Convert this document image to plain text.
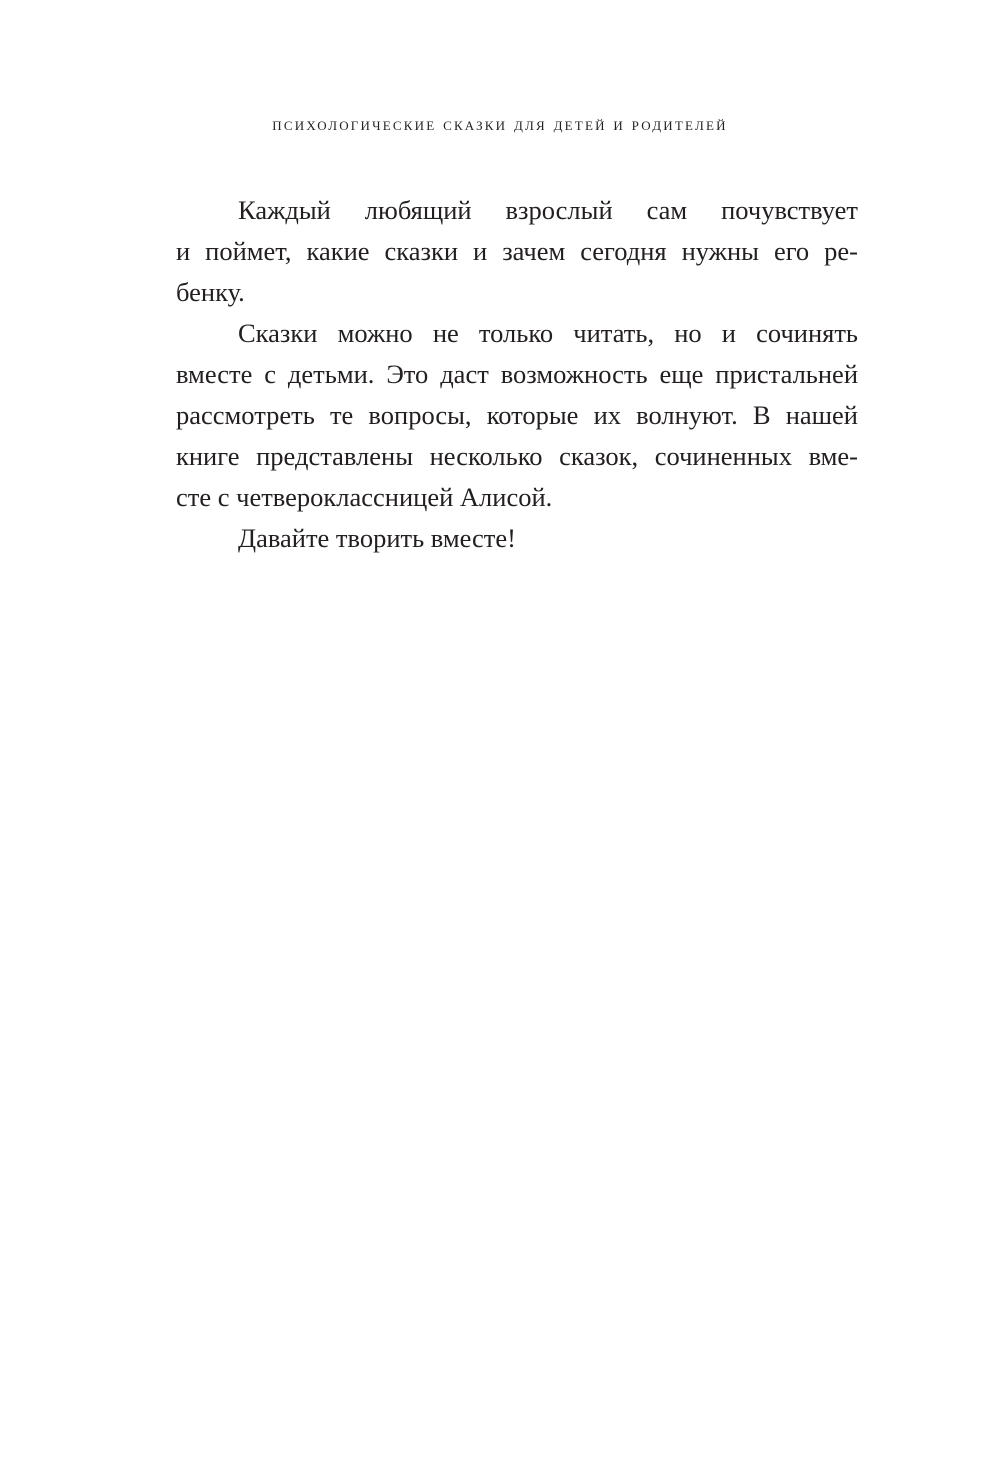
психологические сказки для детей и родителей
Каждый любящий взрослый сам почувствует
и поймет, какие сказки и зачем сегодня нужны его ре-
бенку.
Сказки можно не только читать, но и сочинять
вместе с детьми. Это даст возможность еще пристальней
рассмотреть те вопросы, которые их волнуют. В нашей
книге представлены несколько сказок, сочиненных вме-
сте с четвероклассницей Алисой.
Давайте творить вместе!
